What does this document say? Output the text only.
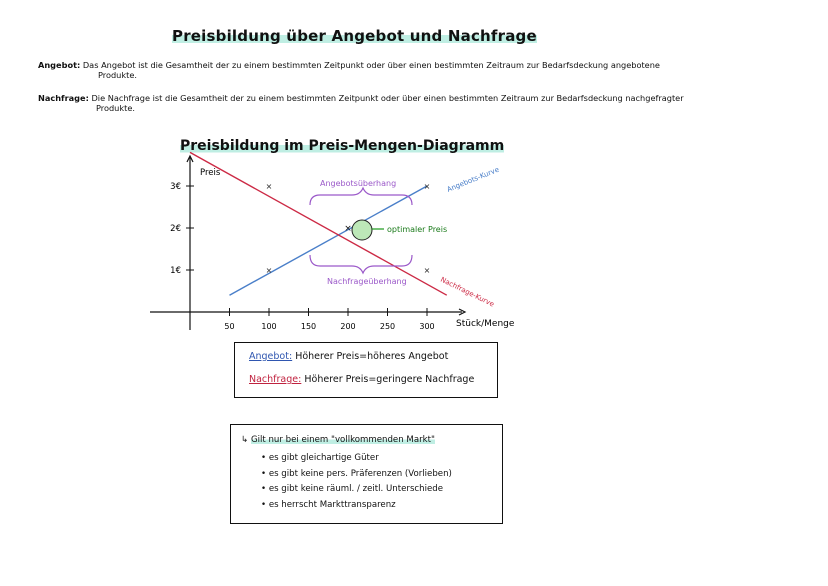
Preisbildung über Angebot und Nachfrage
Angebot: Das Angebot ist die Gesamtheit der zu einem bestimmten Zeitpunkt oder über einen bestimmten Zeitraum zur Bedarfsdeckung angebotene
Produkte.
Nachfrage: Die Nachfrage ist die Gesamtheit der zu einem bestimmten Zeitpunkt oder über einen bestimmten Zeitraum zur Bedarfsdeckung nachgefragter
Produkte.
Preisbildung im Preis-Mengen-Diagramm
50	100	150	200	250	300
1€
2€
3€
×
×
×
×
×
Preis
Stück/Menge
Angebotsüberhang
Nachfrageüberhang
optimaler Preis
Angebots-Kurve
Nachfrage-Kurve
Angebot: Höherer Preis=höheres Angebot
Nachfrage: Höherer Preis=geringere Nachfrage
↳ Gilt nur bei einem "vollkommenden Markt"
• es gibt gleichartige Güter
• es gibt keine pers. Präferenzen (Vorlieben)
• es gibt keine räuml. / zeitl. Unterschiede
• es herrscht Markttransparenz
